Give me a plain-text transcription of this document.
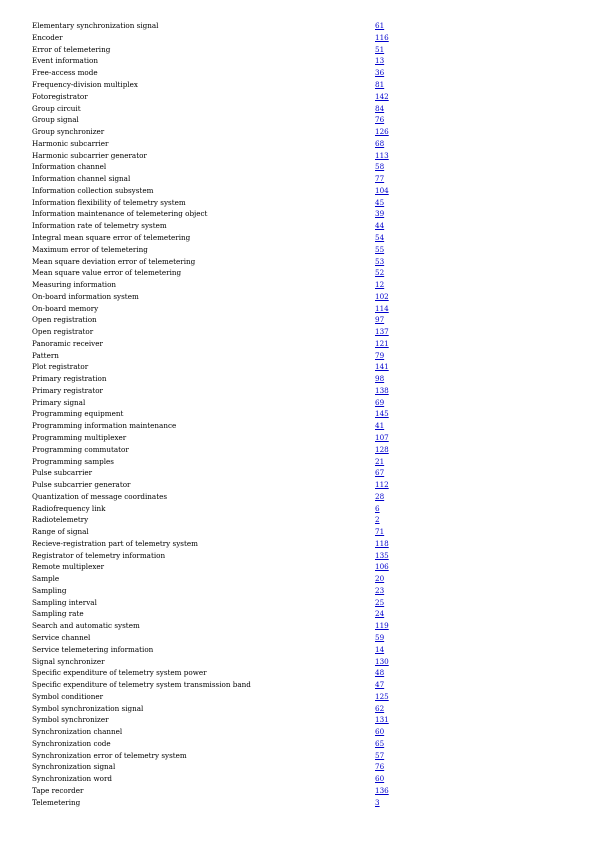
Elementary synchronization signal	61
Encoder	116
Error of telemetering	51
Event information	13
Free-access mode	36
Frequency-division multiplex	81
Fotoregistrator	142
Group circuit	84
Group signal	76
Group synchronizer	126
Harmonic subcarrier	68
Harmonic subcarrier generator	113
Information channel	58
Information channel signal	77
Information collection subsystem	104
Information flexibility of telemetry system	45
Information maintenance of telemetering object	39
Information rate of telemetry system	44
Integral mean square error of telemetering	54
Maximum error of telemetering	55
Mean square deviation error of telemetering	53
Mean square value error of telemetering	52
Measuring information	12
On-board information system	102
On-board memory	114
Open registration	97
Open registrator	137
Panoramic receiver	121
Pattern	79
Plot registrator	141
Primary registration	98
Primary registrator	138
Primary signal	69
Programming equipment	145
Programming information maintenance	41
Programming multiplexer	107
Programming commutator	128
Programming samples	21
Pulse subcarrier	67
Pulse subcarrier generator	112
Quantization of message coordinates	28
Radiofrequency link	6
Radiotelemetry	2
Range of signal	71
Recieve-registration part of telemetry system	118
Registrator of telemetry information	135
Remote multiplexer	106
Sample	20
Sampling	23
Sampling interval	25
Sampling rate	24
Search and automatic system	119
Service channel	59
Service telemetering information	14
Signal synchronizer	130
Specific expenditure of telemetry system power	48
Specific expenditure of telemetry system transmission band	47
Symbol conditioner	125
Symbol synchronization signal	62
Symbol synchronizer	131
Synchronization channel	60
Synchronization code	65
Synchronization error of telemetry system	57
Synchronization signal	76
Synchronization word	60
Tape recorder	136
Telemetering	3
